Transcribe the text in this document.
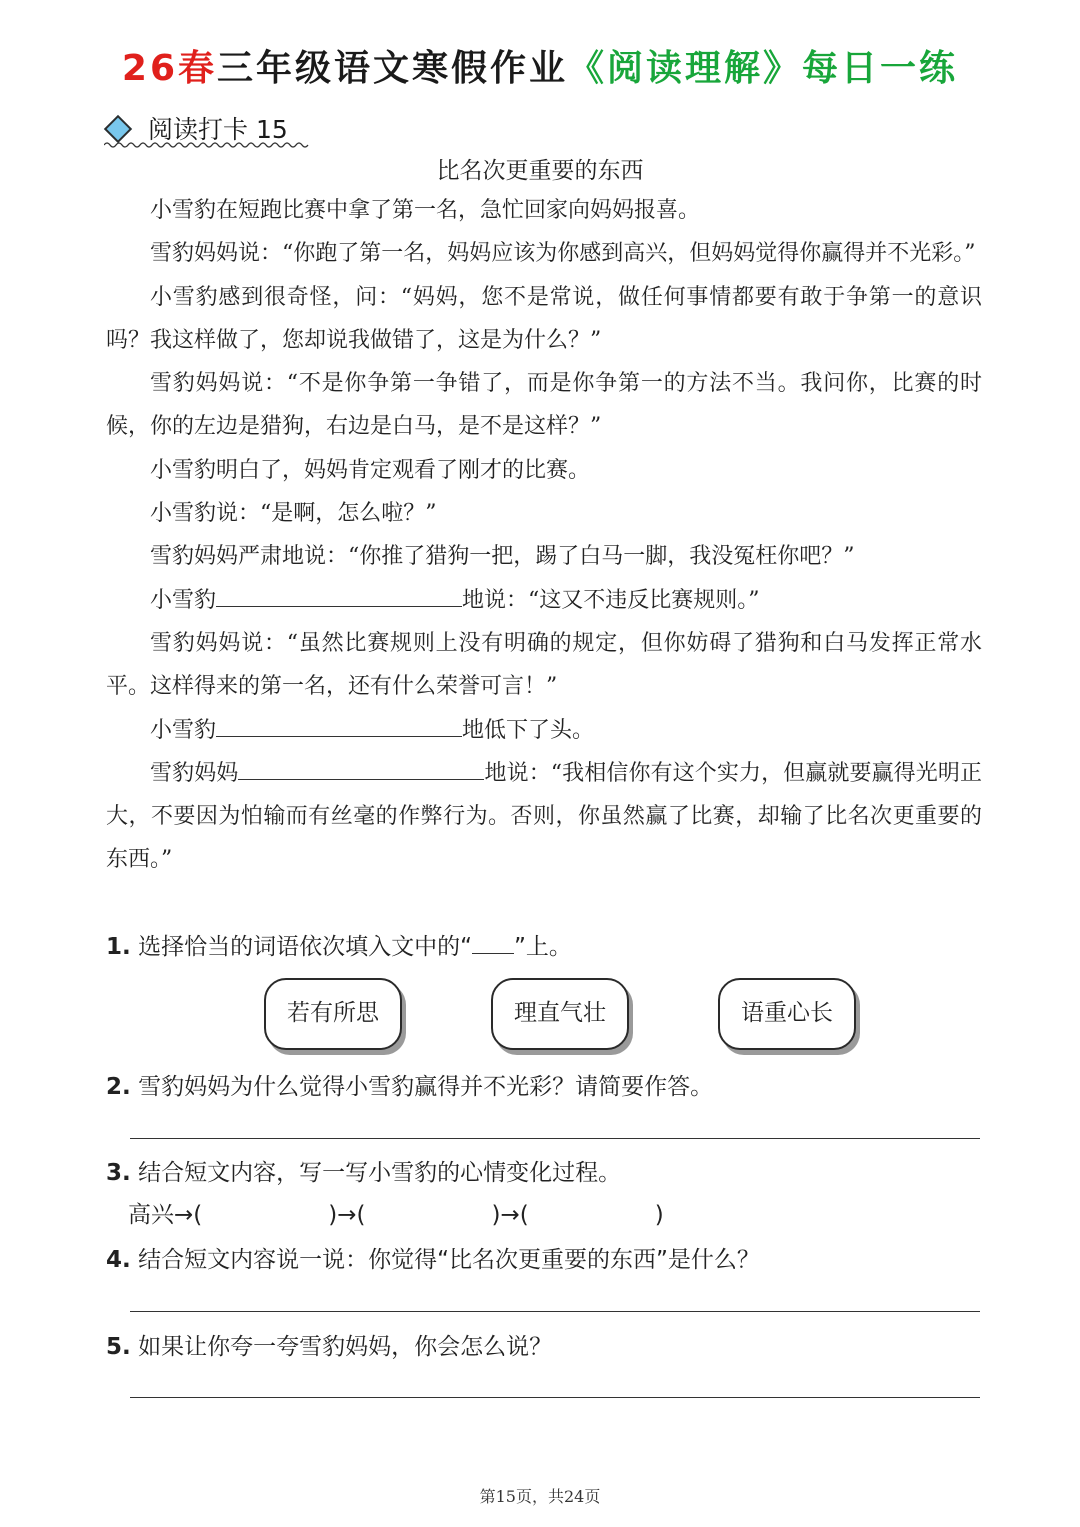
26春三年级语文寒假作业《阅读理解》每日一练
阅读打卡 15
比名次更重要的东西

小雪豹在短跑比赛中拿了第一名，急忙回家向妈妈报喜。

雪豹妈妈说：“你跑了第一名，妈妈应该为你感到高兴，但妈妈觉得你赢得并不光彩。”

小雪豹感到很奇怪，问：“妈妈，您不是常说，做任何事情都要有敢于争第一的意识吗？我这样做了，您却说我做错了，这是为什么？”

雪豹妈妈说：“不是你争第一争错了，而是你争第一的方法不当。我问你，比赛的时候，你的左边是猎狗，右边是白马，是不是这样？”

小雪豹明白了，妈妈肯定观看了刚才的比赛。

小雪豹说：“是啊，怎么啦？”

雪豹妈妈严肃地说：“你推了猎狗一把，踢了白马一脚，我没冤枉你吧？”

小雪豹	地说：“这又不违反比赛规则。”

雪豹妈妈说：“虽然比赛规则上没有明确的规定，但你妨碍了猎狗和白马发挥正常水平。这样得来的第一名，还有什么荣誉可言！”

小雪豹	地低下了头。

雪豹妈妈	地说：“我相信你有这个实力，但赢就要赢得光明正大，不要因为怕输而有丝毫的作弊行为。否则，你虽然赢了比赛，却输了比名次更重要的东西。”

1. 选择恰当的词语依次填入文中的“ ”上。
若有所思	理直气壮	语重心长
2. 雪豹妈妈为什么觉得小雪豹赢得并不光彩？请简要作答。
3. 结合短文内容，写一写小雪豹的心情变化过程。
高兴→(	)→(	)→(	)
4. 结合短文内容说一说：你觉得“比名次更重要的东西”是什么？
5. 如果让你夸一夸雪豹妈妈，你会怎么说？
第15页，共24页
